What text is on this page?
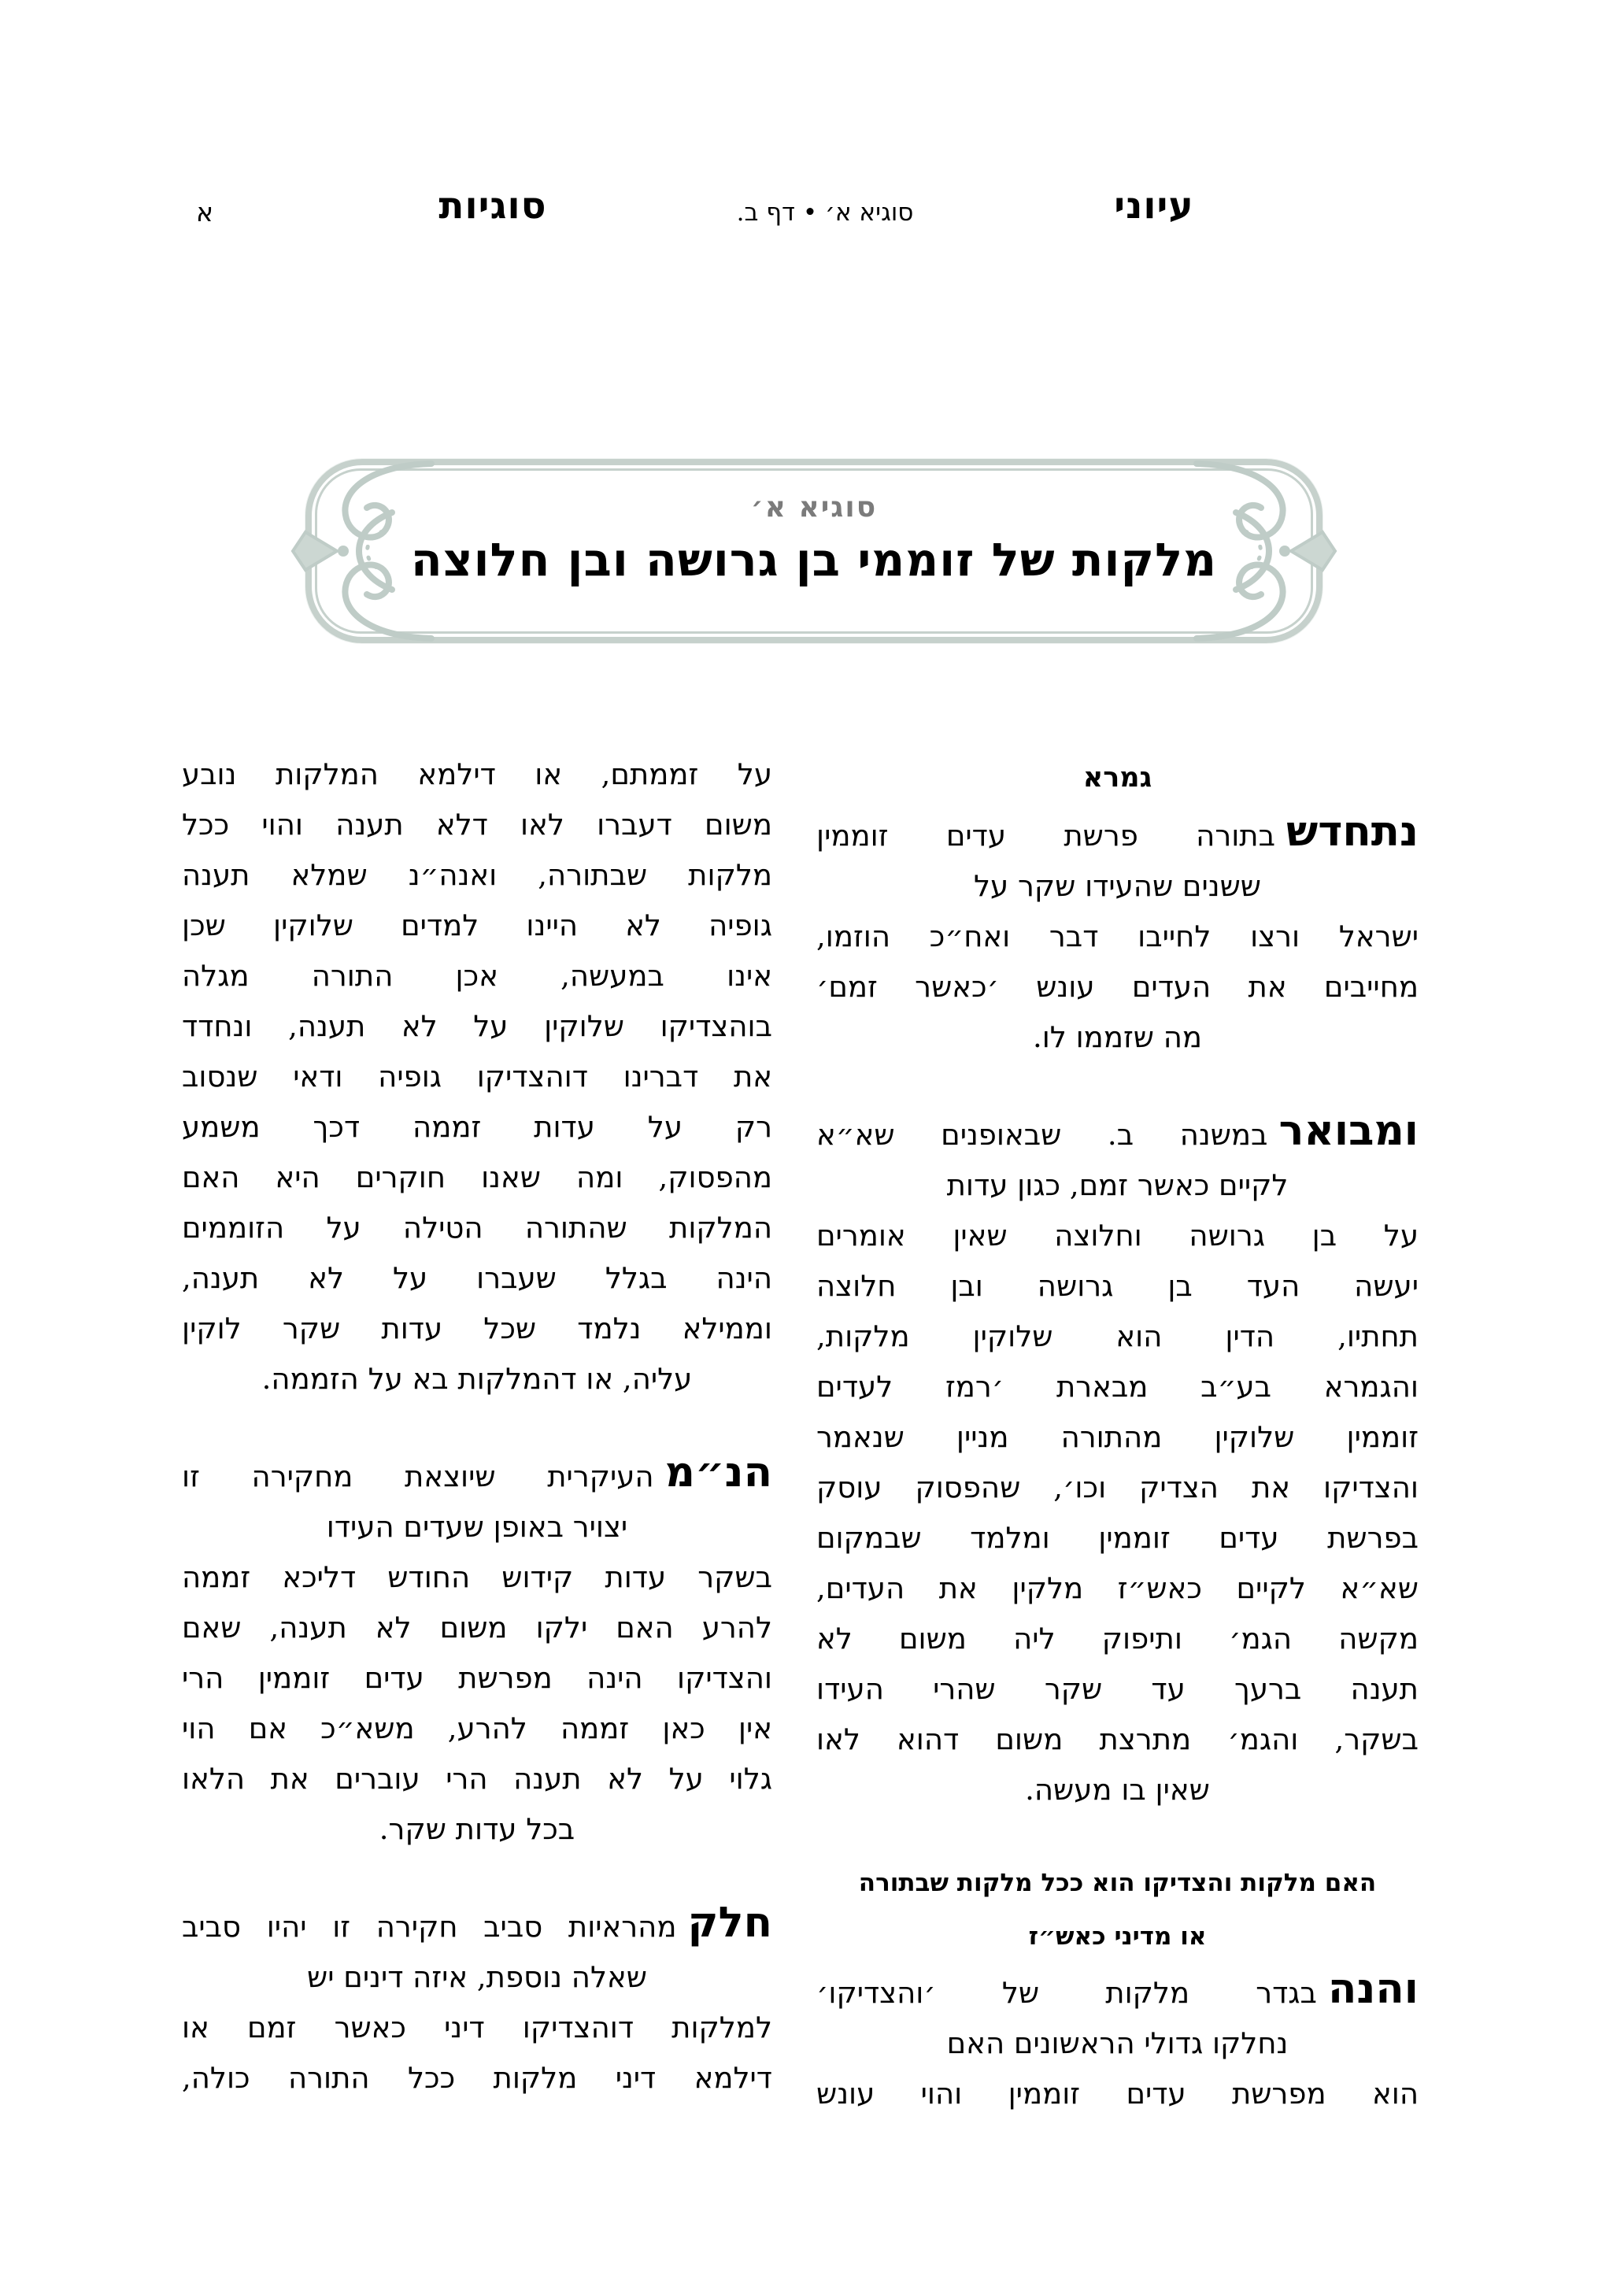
עיוני
סוגיא א׳ • דף ב.
סוגיות
א
סוגיא א׳
מלקות של זוממי בן גרושה ובן חלוצה
גמרא
נתחדשבתורה פרשת עדים זוממין
ששנים שהעידו שקר על
ישראל ורצו לחייבו דבר ואח״כ הוזמו,
מחייבים את העדים עונש ׳כאשר זמם׳
מה שזממו לו.
ומבוארבמשנה ב. שבאופנים שא״א
לקיים כאשר זמם, כגון עדות
על בן גרושה וחלוצה שאין אומרים
יעשה העד בן גרושה ובן חלוצה
תחתיו, הדין הוא שלוקין מלקות,
והגמרא בע״ב מבארת ׳רמז לעדים
זוממין שלוקין מהתורה מניין שנאמר
והצדיקו את הצדיק וכו׳, שהפסוק עוסק
בפרשת עדים זוממין ומלמד שבמקום
שא״א לקיים כאש״ז מלקין את העדים,
מקשה הגמ׳ ותיפוק ליה משום לא
תענה ברעך עד שקר שהרי העידו
בשקר, והגמ׳ מתרצת משום דהוא לאו
שאין בו מעשה.
האם מלקות והצדיקו הוא ככל מלקות שבתורה
או מדיני כאש״ז
והנהבגדר מלקות של ׳והצדיקו׳
נחלקו גדולי הראשונים האם
הוא מפרשת עדים זוממין והוי עונש
על זממתם, או דילמא המלקות נובע
משום דעברו לאו דלא תענה והוי ככל
מלקות שבתורה, ואנה״נ שמלא תענה
גופיה לא היינו למדים שלוקין שכן
אינו במעשה, אכן התורה מגלה
בוהצדיקו שלוקין על לא תענה, ונחדד
את דברינו דוהצדיקו גופיה ודאי שנסוב
רק על עדות זממה דכך משמע
מהפסוק, ומה שאנו חוקרים היא האם
המלקות שהתורה הטילה על הזוממים
הינה בגלל שעברו על לא תענה,
וממילא נלמד שכל עדות שקר לוקין
עליה, או דהמלקות בא על הזממה.
הנ״מהעיקרית שיוצאת מחקירה זו
יצויר באופן שעדים העידו
בשקר עדות קידוש החודש דליכא זממה
להרע האם ילקו משום לא תענה, שאם
והצדיקו הינה מפרשת עדים זוממין הרי
אין כאן זממה להרע, משא״כ אם הוי
גלוי על לא תענה הרי עוברים את הלאו
בכל עדות שקר.
חלקמהראיות סביב חקירה זו יהיו סביב
שאלה נוספת, איזה דינים יש
למלקות דוהצדיקו דיני כאשר זמם או
דילמא דיני מלקות ככל התורה כולה,
